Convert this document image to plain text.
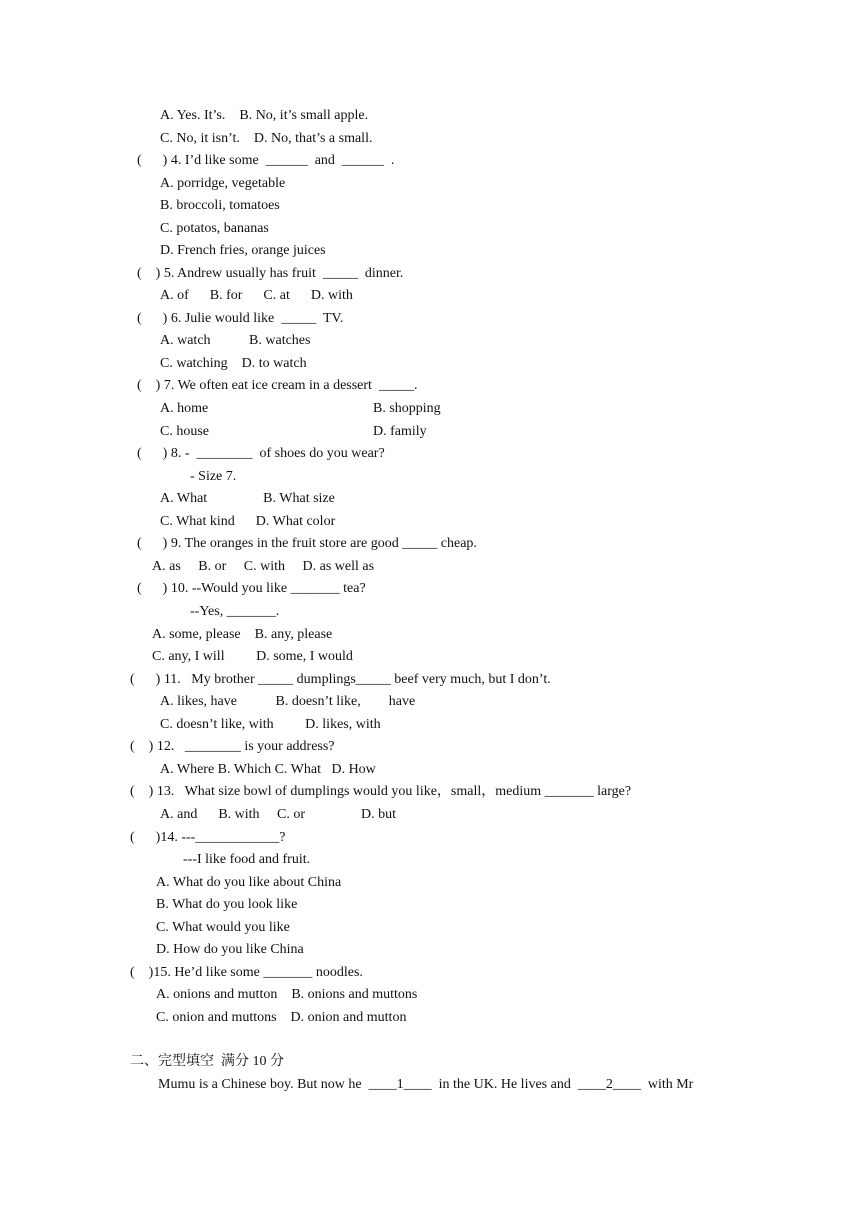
A. Yes. It’s.    B. No, it’s small apple.
C. No, it isn’t.    D. No, that’s a small.
(      ) 4. I’d like some  ______  and  ______  .
A. porridge, vegetable
B. broccoli, tomatoes
C. potatos, bananas
D. French fries, orange juices
(    ) 5. Andrew usually has fruit  _____  dinner.
A. of      B. for      C. at      D. with
(      ) 6. Julie would like  _____  TV.
A. watch           B. watches
C. watching    D. to watch
(    ) 7. We often eat ice cream in a dessert  _____.
A. home	B. shopping
C. house	D. family
(      ) 8. -  ________  of shoes do you wear?
- Size 7.
A. What                B. What size
C. What kind      D. What color
(      ) 9. The oranges in the fruit store are good _____ cheap.
A. as     B. or     C. with     D. as well as
(      ) 10. --Would you like _______ tea?
--Yes, _______.
A. some, please    B. any, please
C. any, I will         D. some, I would
(      ) 11.   My brother _____ dumplings_____ beef very much, but I don’t.
A. likes, have           B. doesn’t like,        have
C. doesn’t like, with         D. likes, with
(    ) 12.   ________ is your address?
A. Where B. Which C. What   D. How
(    ) 13.   What size bowl of dumplings would you like，small，medium _______ large?
A. and      B. with     C. or                D. but
(      )14. ---____________?
---I like food and fruit.
A. What do you like about China
B. What do you look like
C. What would you like
D. How do you like China
(    )15. He’d like some _______ noodles.
A. onions and mutton    B. onions and muttons
C. onion and muttons    D. onion and mutton
二、完型填空  满分 10 分
Mumu is a Chinese boy. But now he  ____1____  in the UK. He lives and  ____2____  with Mr
